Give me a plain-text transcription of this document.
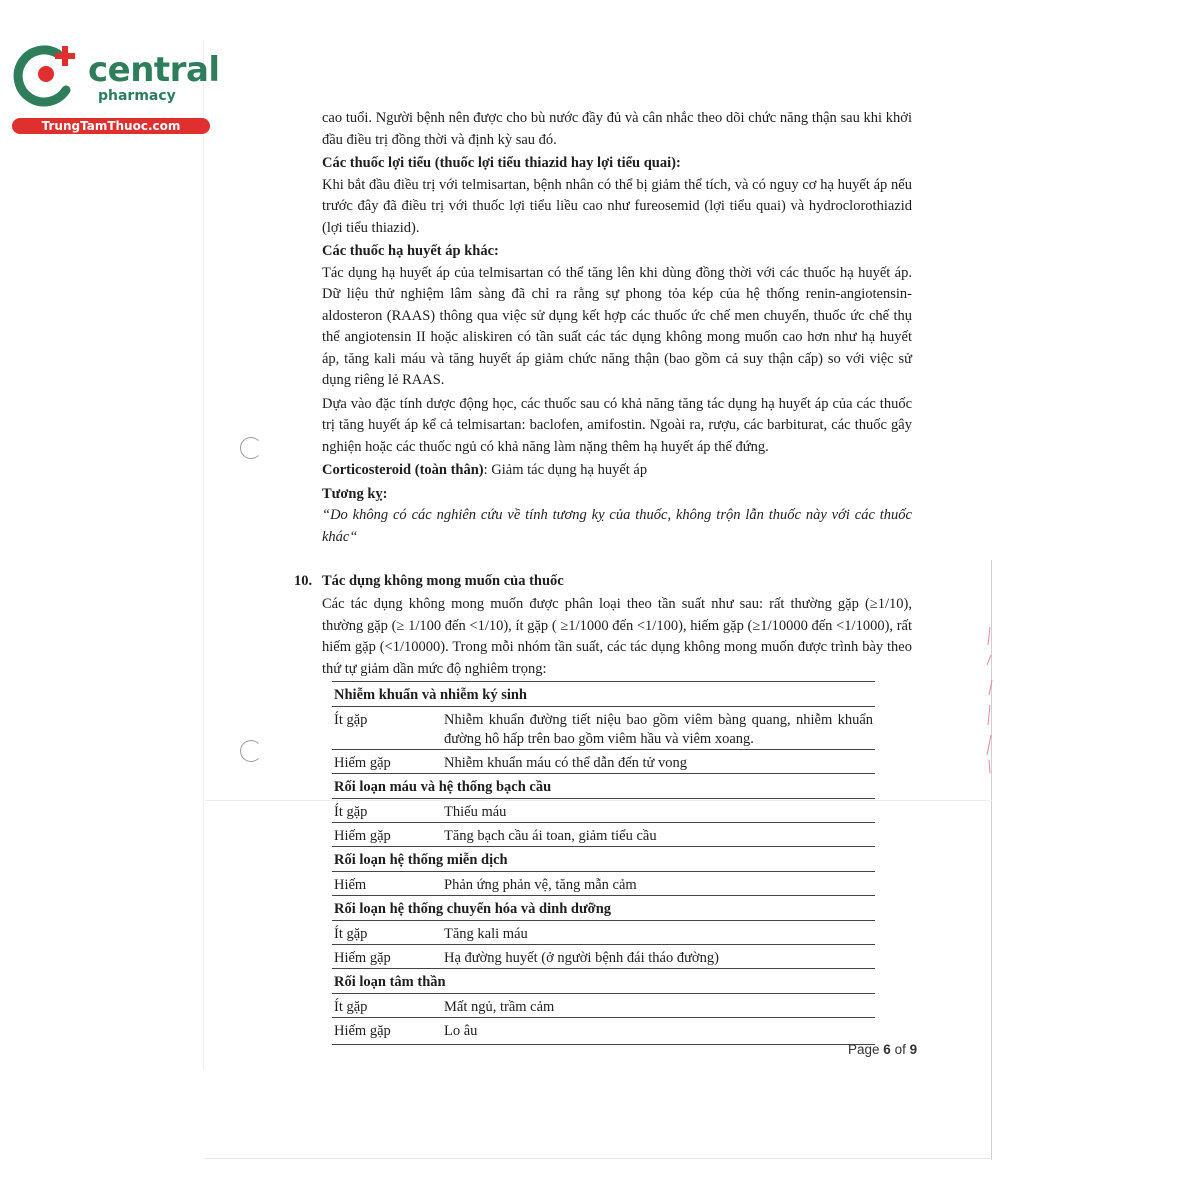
central
pharmacy
TrungTamThuoc.com	cao tuổi. Người bệnh nên được cho bù nước đầy đủ và cân nhắc theo dõi chức năng thận sau khi khởi đầu điều trị đồng thời và định kỳ sau đó.

Các thuốc lợi tiểu (thuốc lợi tiểu thiazid hay lợi tiểu quai):

Khi bắt đầu điều trị với telmisartan, bệnh nhân có thể bị giảm thể tích, và có nguy cơ hạ huyết áp nếu trước đây đã điều trị với thuốc lợi tiểu liều cao như fureosemid (lợi tiểu quai) và hydroclorothiazid (lợi tiểu thiazid).

Các thuốc hạ huyết áp khác:

Tác dụng hạ huyết áp của telmisartan có thể tăng lên khi dùng đồng thời với các thuốc hạ huyết áp. Dữ liệu thử nghiệm lâm sàng đã chỉ ra rằng sự phong tỏa kép của hệ thống renin-angiotensin-aldosteron (RAAS) thông qua việc sử dụng kết hợp các thuốc ức chế men chuyển, thuốc ức chế thụ thể angiotensin II hoặc aliskiren có tần suất các tác dụng không mong muốn cao hơn như hạ huyết áp, tăng kali máu và tăng huyết áp giảm chức năng thận (bao gồm cả suy thận cấp) so với việc sử dụng riêng lẻ RAAS.

Dựa vào đặc tính dược động học, các thuốc sau có khả năng tăng tác dụng hạ huyết áp của các thuốc trị tăng huyết áp kể cả telmisartan: baclofen, amifostin. Ngoài ra, rượu, các barbiturat, các thuốc gây nghiện hoặc các thuốc ngủ có khả năng làm nặng thêm hạ huyết áp thế đứng.

Corticosteroid (toàn thân): Giảm tác dụng hạ huyết áp

Tương kỵ:

“Do không có các nghiên cứu về tính tương kỵ của thuốc, không trộn lẫn thuốc này với các thuốc khác“

10. Tác dụng không mong muốn của thuốc

Các tác dụng không mong muốn được phân loại theo tần suất như sau: rất thường gặp (≥1/10), thường gặp (≥ 1/100 đến <1/10), ít gặp ( ≥1/1000 đến <1/100), hiếm gặp (≥1/10000 đến <1/1000), rất hiếm gặp (<1/10000). Trong mỗi nhóm tần suất, các tác dụng không mong muốn được trình bày theo thứ tự giảm dần mức độ nghiêm trọng:

Nhiễm khuẩn và nhiễm ký sinh
Ít gặp	Nhiễm khuẩn đường tiết niệu bao gồm viêm bàng quang, nhiễm khuẩn đường hô hấp trên bao gồm viêm hầu và viêm xoang.
Hiếm gặp	Nhiễm khuẩn máu có thể dẫn đến tử vong
Rối loạn máu và hệ thống bạch cầu
Ít gặp	Thiếu máu
Hiếm gặp	Tăng bạch cầu ái toan, giảm tiểu cầu
Rối loạn hệ thống miễn dịch
Hiếm	Phản ứng phản vệ, tăng mẫn cảm
Rối loạn hệ thống chuyển hóa và dinh dưỡng
Ít gặp	Tăng kali máu
Hiếm gặp	Hạ đường huyết (ở người bệnh đái tháo đường)
Rối loạn tâm thần
Ít gặp	Mất ngủ, trầm cảm
Hiếm gặp	Lo âu
Page 6 of 9
